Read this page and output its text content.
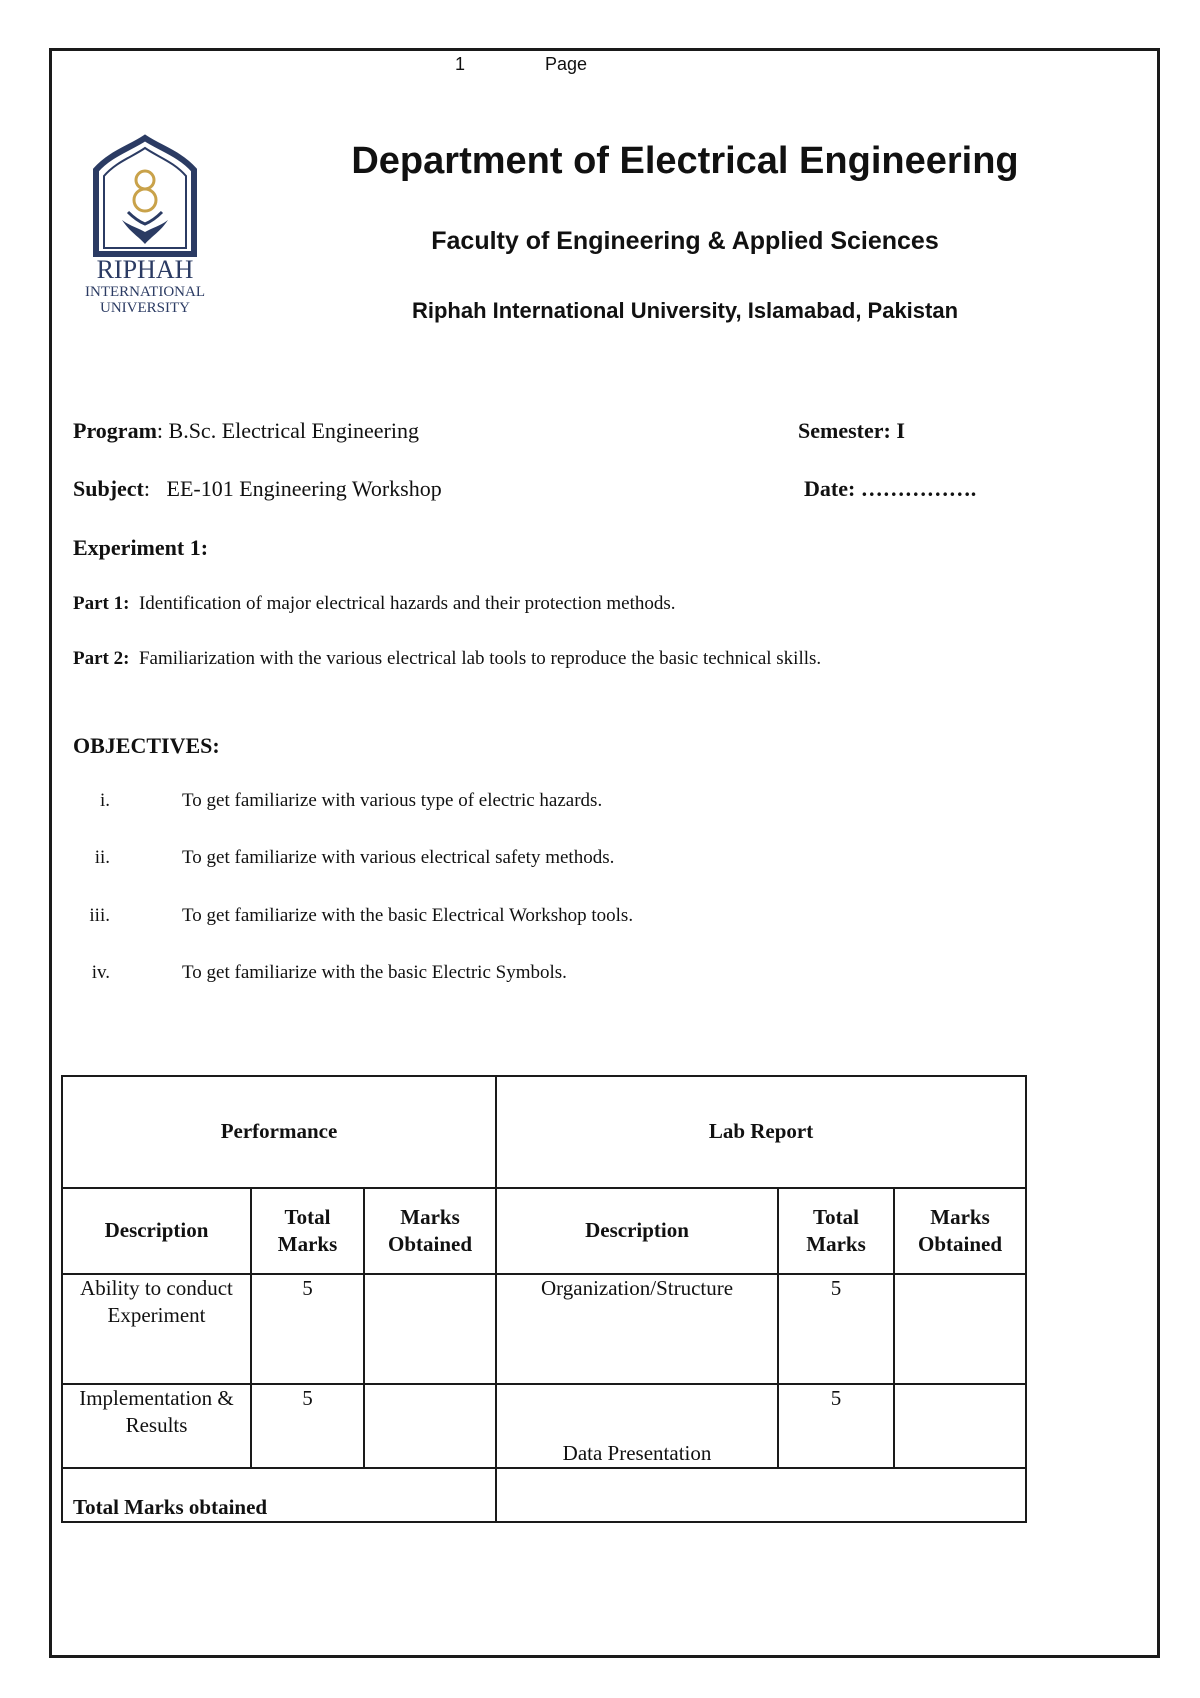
1	Page
RIPHAH
INTERNATIONAL
UNIVERSITY
Department of Electrical Engineering
Faculty of Engineering & Applied Sciences
Riphah International University, Islamabad, Pakistan
Program: B.Sc. Electrical Engineering	Semester: I
Subject:   EE-101 Engineering Workshop	Date: …………….
Experiment 1:
Part 1: Identification of major electrical hazards and their protection methods.
Part 2: Familiarization with the various electrical lab tools to reproduce the basic technical skills.
OBJECTIVES:
i.	To get familiarize with various type of electric hazards.
ii.	To get familiarize with various electrical safety methods.
iii.	To get familiarize with the basic Electrical Workshop tools.
iv.	To get familiarize with the basic Electric Symbols.
Performance			Lab Report		
Description	Total Marks	Marks Obtained	Description	Total Marks	Marks Obtained
Ability to conduct Experiment	5		Organization/Structure	5	
Implementation & Results	5		Data Presentation	5	
Total Marks obtained					
